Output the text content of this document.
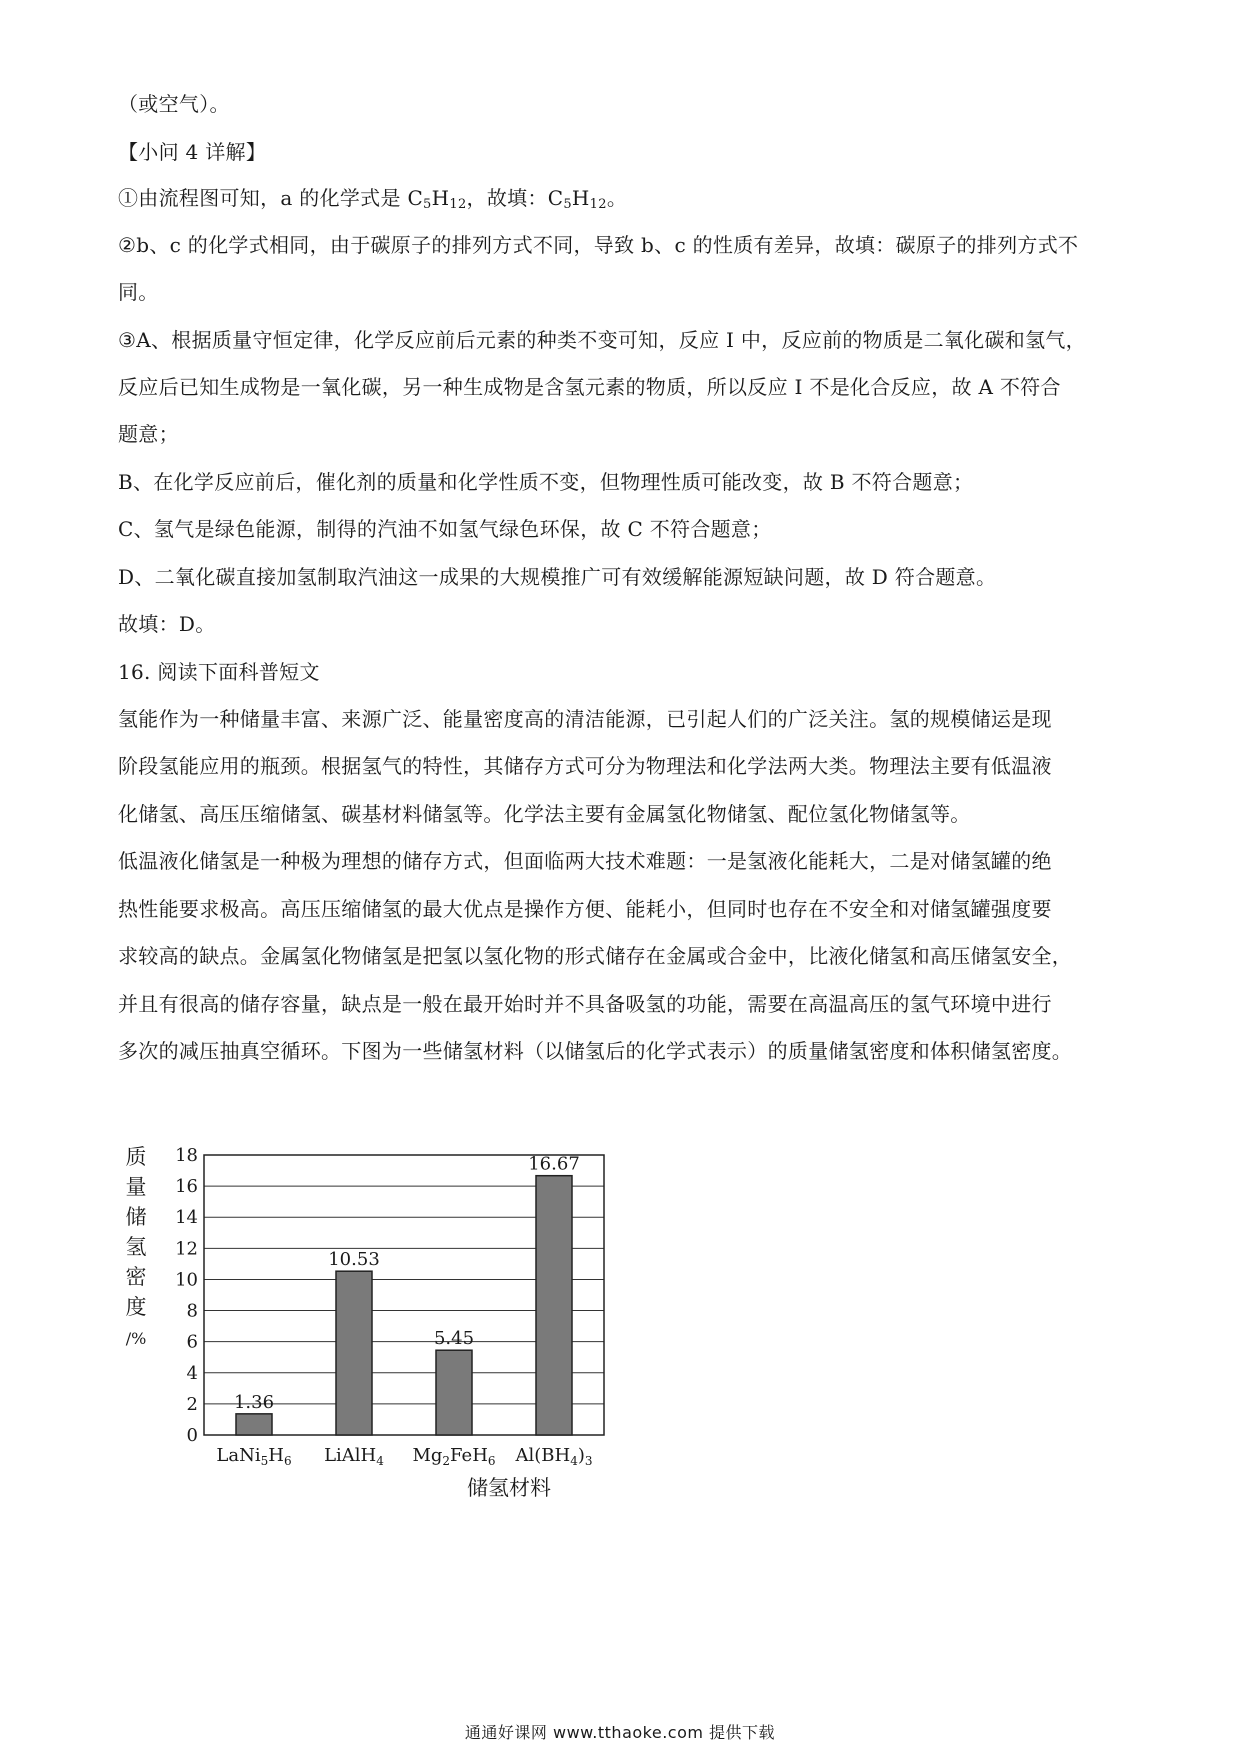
（或空气）。
【小问 4 详解】
①由流程图可知，a 的化学式是 $C_5H_{12}$，故填：$C_5H_{12}$。
②b、c 的化学式相同，由于碳原子的排列方式不同，导致 b、c 的性质有差异，故填：碳原子的排列方式不
同。
③A、根据质量守恒定律，化学反应前后元素的种类不变可知，反应 I 中，反应前的物质是二氧化碳和氢气，
反应后已知生成物是一氧化碳，另一种生成物是含氢元素的物质，所以反应 I 不是化合反应，故 A 不符合
题意；
B、在化学反应前后，催化剂的质量和化学性质不变，但物理性质可能改变，故 B 不符合题意；
C、氢气是绿色能源，制得的汽油不如氢气绿色环保，故 C 不符合题意；
D、二氧化碳直接加氢制取汽油这一成果的大规模推广可有效缓解能源短缺问题，故 D 符合题意。
故填：D。
16. 阅读下面科普短文
氢能作为一种储量丰富、来源广泛、能量密度高的清洁能源，已引起人们的广泛关注。氢的规模储运是现
阶段氢能应用的瓶颈。根据氢气的特性，其储存方式可分为物理法和化学法两大类。物理法主要有低温液
化储氢、高压压缩储氢、碳基材料储氢等。化学法主要有金属氢化物储氢、配位氢化物储氢等。
低温液化储氢是一种极为理想的储存方式，但面临两大技术难题：一是氢液化能耗大，二是对储氢罐的绝
热性能要求极高。高压压缩储氢的最大优点是操作方便、能耗小，但同时也存在不安全和对储氢罐强度要
求较高的缺点。金属氢化物储氢是把氢以氢化物的形式储存在金属或合金中，比液化储氢和高压储氢安全，
并且有很高的储存容量，缺点是一般在最开始时并不具备吸氢的功能，需要在高温高压的氢气环境中进行
多次的减压抽真空循环。下图为一些储氢材料（以储氢后的化学式表示）的质量储氢密度和体积储氢密度。
0
2
4
6
8
10
12
14
16
18
质
量
储
氢
密
度
/%
1.36
$LaNi_5H_6$
10.53
LiAlH$_4$
5.45
$Mg_2FeH_6$
16.67
$Al(BH_4)_3$
储氢材料
通通好课网 www.tthaoke.com 提供下载
